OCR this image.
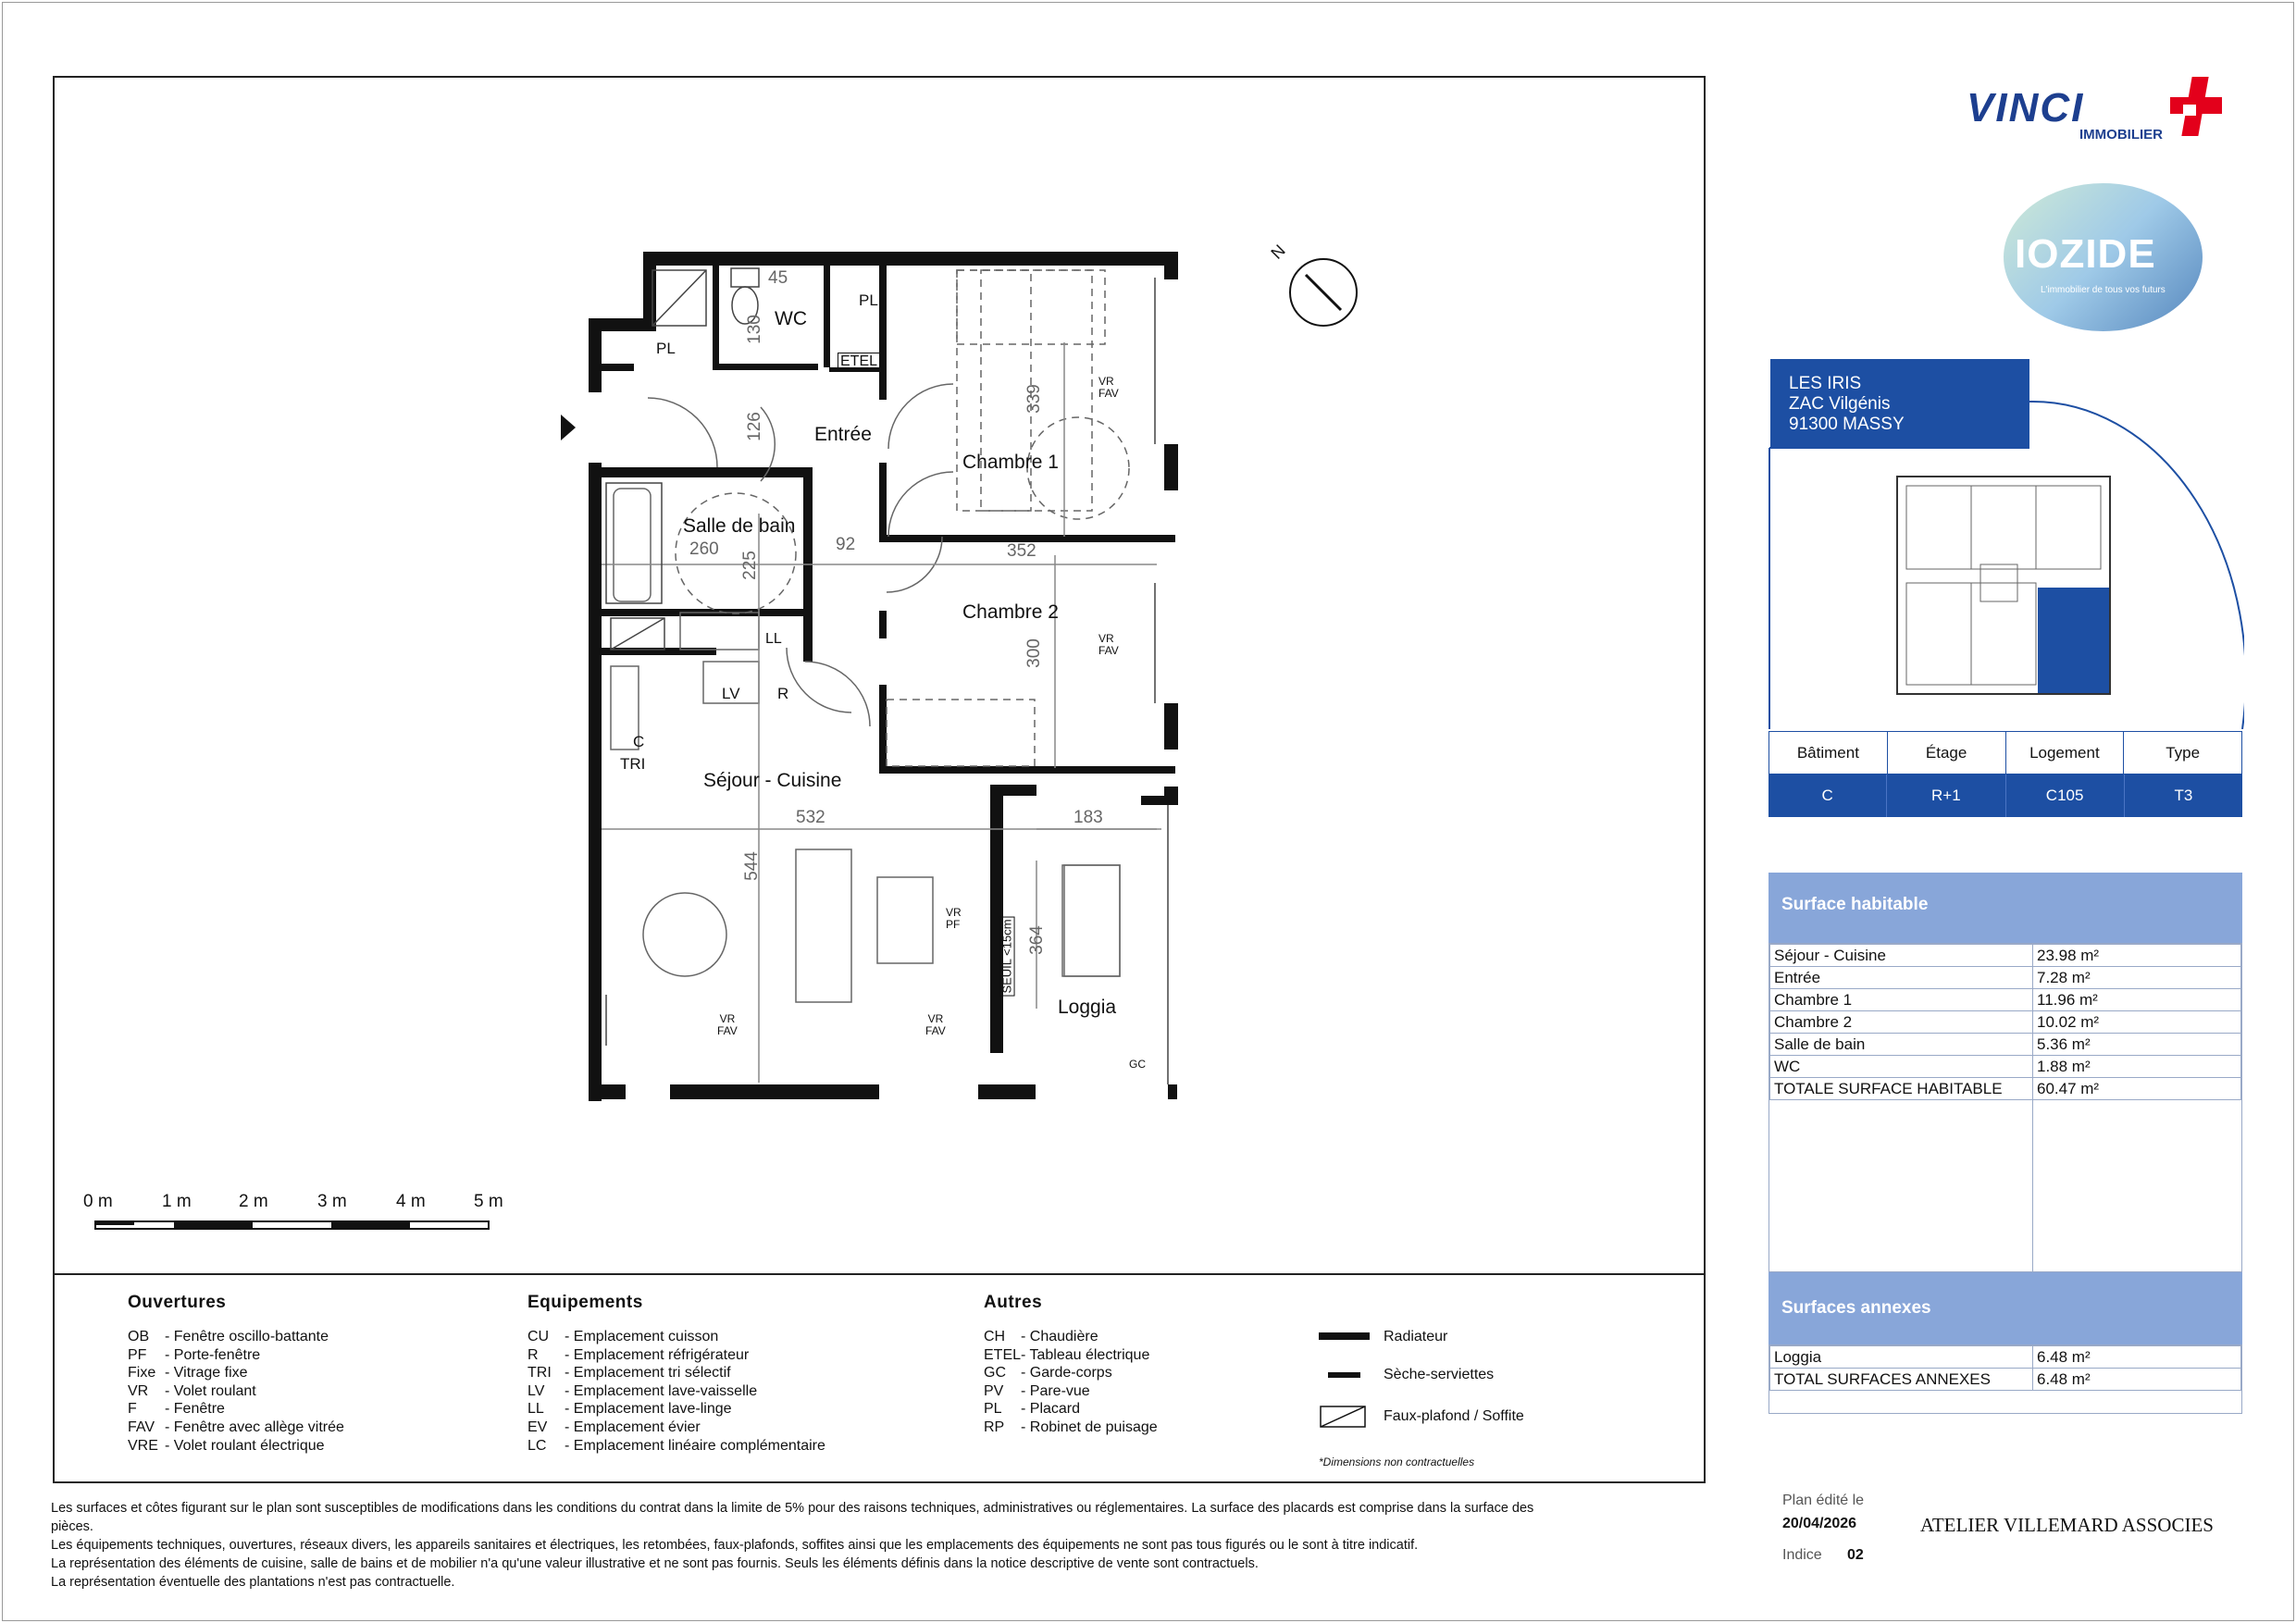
N
WC
PL
PL
ETEL
Entrée
Chambre 1
Salle de bain
Chambre 2
LL
LV R
C
TRI
Séjour - Cuisine
Loggia
GC
SEUIL <15cm
45
130
126
339
260
225
92	352
300
532	183
544
364
VR
FAV
VR
FAV
VR
PF
VR
FAV
VR
FAV
0 m	1 m	2 m	3 m	4 m	5 m
Ouvertures
OB - Fenêtre oscillo-battante
PF - Porte-fenêtre
Fixe - Vitrage fixe
VR - Volet roulant
F - Fenêtre
FAV - Fenêtre avec allège vitrée
VRE - Volet roulant électrique
Equipements
CU - Emplacement cuisson
R - Emplacement réfrigérateur
TRI - Emplacement tri sélectif
LV - Emplacement lave-vaisselle
LL - Emplacement lave-linge
EV - Emplacement évier
LC - Emplacement linéaire complémentaire
Autres
CH - Chaudière
ETEL- Tableau électrique
GC - Garde-corps
PV - Pare-vue
PL - Placard
RP - Robinet de puisage
Radiateur
Sèche-serviettes
Faux-plafond / Soffite
*Dimensions non contractuelles
Les surfaces et côtes figurant sur le plan sont susceptibles de modifications dans les conditions du contrat dans la limite de 5% pour des raisons techniques, administratives ou réglementaires. La surface des placards est comprise dans la surface des pièces.
Les équipements techniques, ouvertures, réseaux divers, les appareils sanitaires et électriques, les retombées, faux-plafonds, soffites ainsi que les emplacements des équipements ne sont pas tous figurés ou le sont à titre indicatif.
La représentation des éléments de cuisine, salle de bains et de mobilier n'a qu'une valeur illustrative et ne sont pas fournis. Seuls les éléments définis dans la notice descriptive de vente sont contractuels.
La représentation éventuelle des plantations n'est pas contractuelle.
VINCI
IMMOBILIER
IOZIDE
L'immobilier de tous vos futurs
LES IRIS
ZAC Vilgénis
91300 MASSY
Bâtiment	Étage	Logement	Type
C	R+1	C105	T3
Surface habitable
Séjour - Cuisine	23.98 m²
Entrée	7.28 m²
Chambre 1	11.96 m²
Chambre 2	10.02 m²
Salle de bain	5.36 m²
WC	1.88 m²
TOTALE SURFACE HABITABLE	60.47 m²
Surfaces annexes
Loggia	6.48 m²
TOTAL SURFACES ANNEXES	6.48 m²
Plan édité le
20/04/2026
Indice 02
ATELIER VILLEMARD ASSOCIES
